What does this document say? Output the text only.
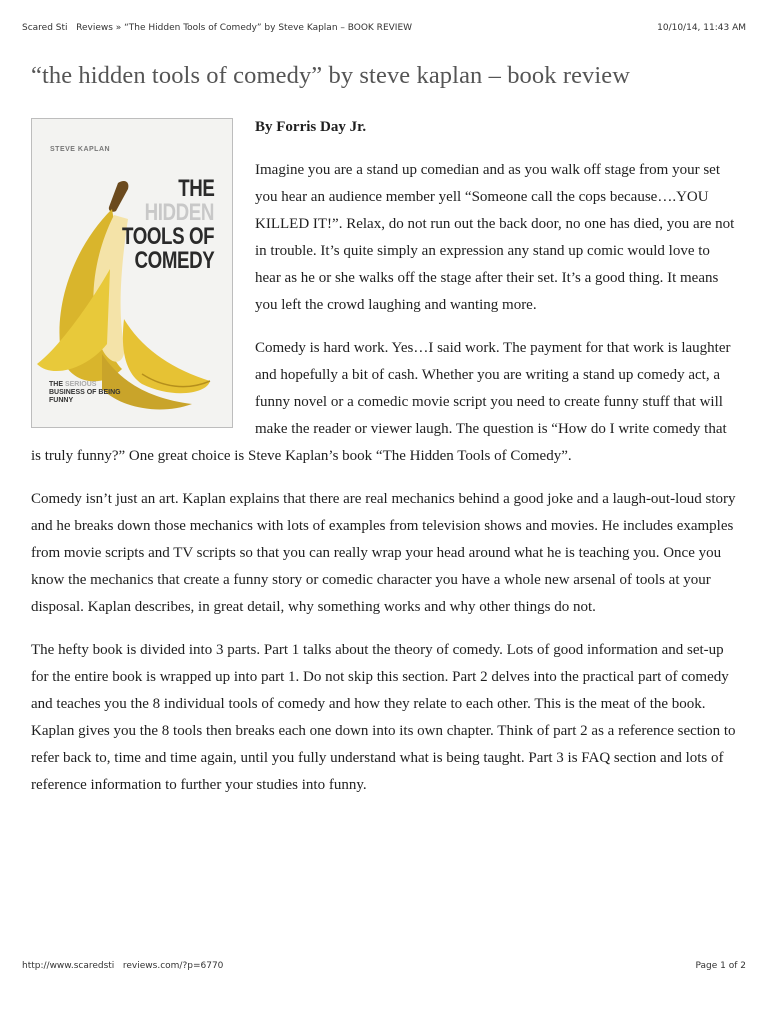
Scared Sti   Reviews » “The Hidden Tools of Comedy” by Steve Kaplan – BOOK REVIEW	10/10/14, 11:43 AM
“the hidden tools of comedy” by steve kaplan – book review
STEVE KAPLAN
THE
HIDDEN
TOOLS OF
COMEDY
THE SERIOUS
BUSINESS OF BEING
FUNNY

By Forris Day Jr.

Imagine you are a stand up comedian and as you walk off stage from your set you hear an audience member yell “Someone call the cops because….YOU KILLED IT!”. Relax, do not run out the back door, no one has died, you are not in trouble. It’s quite simply an expression any stand up comic would love to hear as he or she walks off the stage after their set. It’s a good thing. It means you left the crowd laughing and wanting more.

Comedy is hard work. Yes…I said work. The payment for that work is laughter and hopefully a bit of cash. Whether you are writing a stand up comedy act, a funny novel or a comedic movie script you need to create funny stuff that will make the reader or viewer laugh. The question is “How do I write comedy that is truly funny?” One great choice is Steve Kaplan’s book “The Hidden Tools of Comedy”.

Comedy isn’t just an art. Kaplan explains that there are real mechanics behind a good joke and a laugh-out-loud story and he breaks down those mechanics with lots of examples from television shows and movies. He includes examples from movie scripts and TV scripts so that you can really wrap your head around what he is teaching you. Once you know the mechanics that create a funny story or comedic character you have a whole new arsenal of tools at your disposal. Kaplan describes, in great detail, why something works and why other things do not.

The hefty book is divided into 3 parts. Part 1 talks about the theory of comedy. Lots of good information and set-up for the entire book is wrapped up into part 1. Do not skip this section. Part 2 delves into the practical part of comedy and teaches you the 8 individual tools of comedy and how they relate to each other. This is the meat of the book. Kaplan gives you the 8 tools then breaks each one down into its own chapter. Think of part 2 as a reference section to refer back to, time and time again, until you fully understand what is being taught. Part 3 is FAQ section and lots of reference information to further your studies into funny.

http://www.scaredsti   reviews.com/?p=6770	Page 1 of 2
